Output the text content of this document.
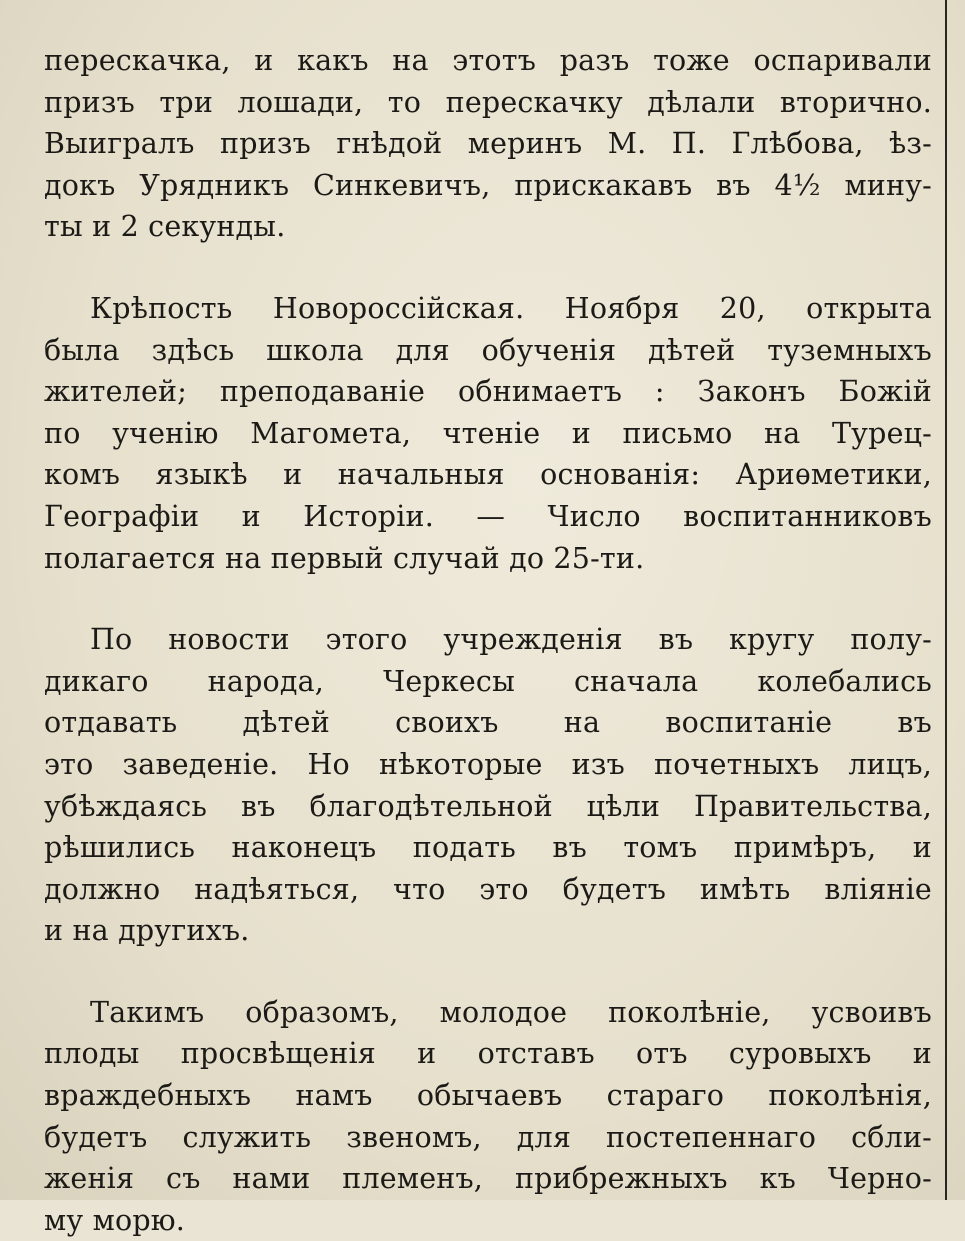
перескачка, и какъ на этотъ разъ тоже оспаривали
призъ три лошади, то перескачку дѣлали вторично.
Выигралъ призъ гнѣдой меринъ М. П. Глѣбова, ѣз-
докъ Урядникъ Синкевичъ, прискакавъ въ 4½ мину-
ты и 2 секунды.

Крѣпость Новороссійская. Ноября 20, открыта
была здѣсь школа для обученія дѣтей туземныхъ
жителей; преподаваніе обнимаетъ : Законъ Божій
по ученію Магомета, чтеніе и письмо на Турец-
комъ языкѣ и начальныя основанія: Ариѳметики,
Географіи и Исторіи. — Число воспитанниковъ
полагается на первый случай до 25-ти.

По новости этого учрежденія въ кругу полу-
дикаго народа, Черкесы сначала колебались
отдавать дѣтей своихъ на воспитаніе въ
это заведеніе. Но нѣкоторые изъ почетныхъ лицъ,
убѣждаясь въ благодѣтельной цѣли Правительства,
рѣшились наконецъ подать въ томъ примѣръ, и
должно надѣяться, что это будетъ имѣть вліяніе
и на другихъ.

Такимъ образомъ, молодое поколѣніе, усвоивъ
плоды просвѣщенія и отставъ отъ суровыхъ и
враждебныхъ намъ обычаевъ стараго поколѣнія,
будетъ служить звеномъ, для постепеннаго сбли-
женія съ нами племенъ, прибрежныхъ къ Черно-
му морю.
